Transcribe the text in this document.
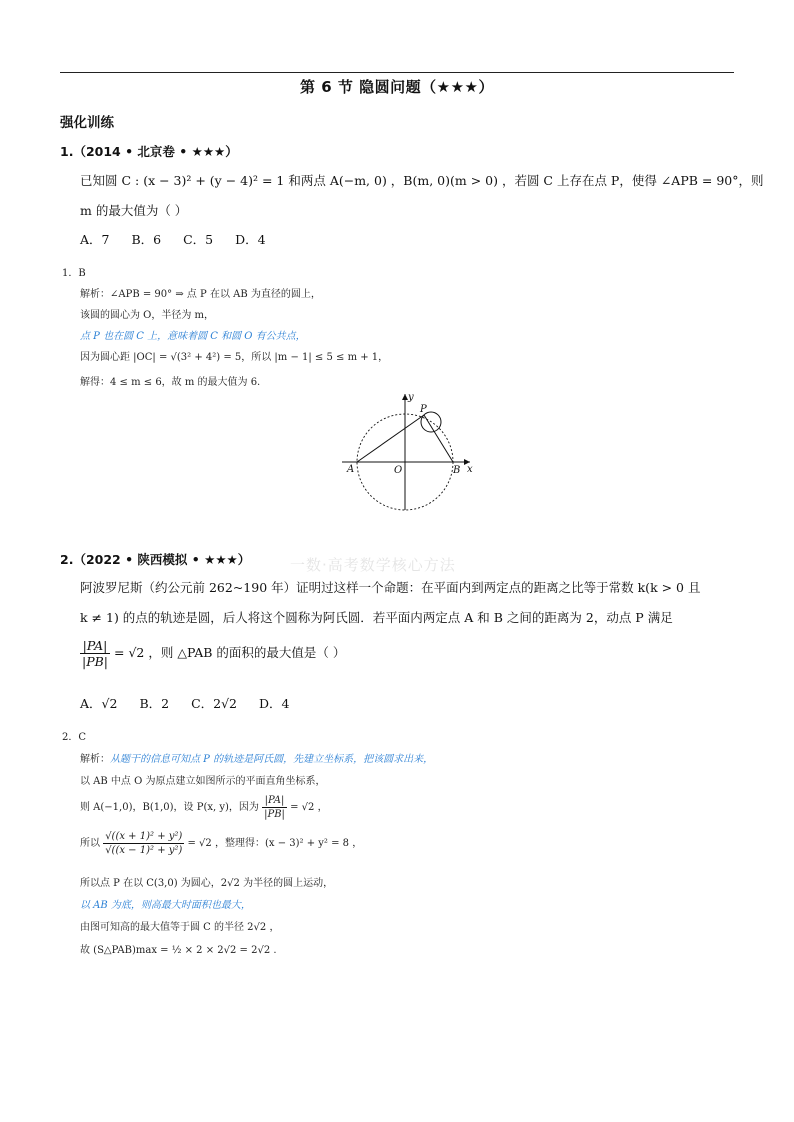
第 6 节 隐圆问题（★★★）
强化训练
1.（2014 • 北京卷 • ★★★）
已知圆 C : (x − 3)² + (y − 4)² = 1 和两点 A(−m, 0) ，B(m, 0)(m > 0) ，若圆 C 上存在点 P，使得 ∠APB = 90°，则
m 的最大值为（ ）
A．7 B．6 C．5 D．4
1．B
解析：∠APB = 90° ⇒ 点 P 在以 AB 为直径的圆上，
该圆的圆心为 O，半径为 m，
点 P 也在圆 C 上，意味着圆 C 和圆 O 有公共点，
因为圆心距 |OC| = √(3² + 4²) = 5，所以 |m − 1| ≤ 5 ≤ m + 1，
解得：4 ≤ m ≤ 6，故 m 的最大值为 6.
y
x
P
A	O	B
2.（2022 • 陕西模拟 • ★★★）	一数·高考数学核心方法
阿波罗尼斯（约公元前 262~190 年）证明过这样一个命题：在平面内到两定点的距离之比等于常数 k(k > 0 且
k ≠ 1) 的点的轨迹是圆，后人将这个圆称为阿氏圆．若平面内两定点 A 和 B 之间的距离为 2，动点 P 满足
$\frac{|PA|}{|PB|} = √2$ ，则 △PAB 的面积的最大值是（ ）
A．√2 B．2 C．2√2 D．4
2．C
解析：从题干的信息可知点 P 的轨迹是阿氏圆，先建立坐标系，把该圆求出来，
以 AB 中点 O 为原点建立如图所示的平面直角坐标系，
则 A(−1,0)，B(1,0)，设 P(x, y)，因为 $\frac{|PA|}{|PB|} = √2$ ，
所以 $\frac{\text{√((x + 1)² + y²)}}{\text{√((x − 1)² + y²)}} = √2$ ，整理得：(x − 3)² + y² = 8 ，
所以点 P 在以 C(3,0) 为圆心，2√2 为半径的圆上运动，
以 AB 为底，则高最大时面积也最大，
由图可知高的最大值等于圆 C 的半径 2√2 ，
故 (S△PAB)max = ½ × 2 × 2√2 = 2√2 .
